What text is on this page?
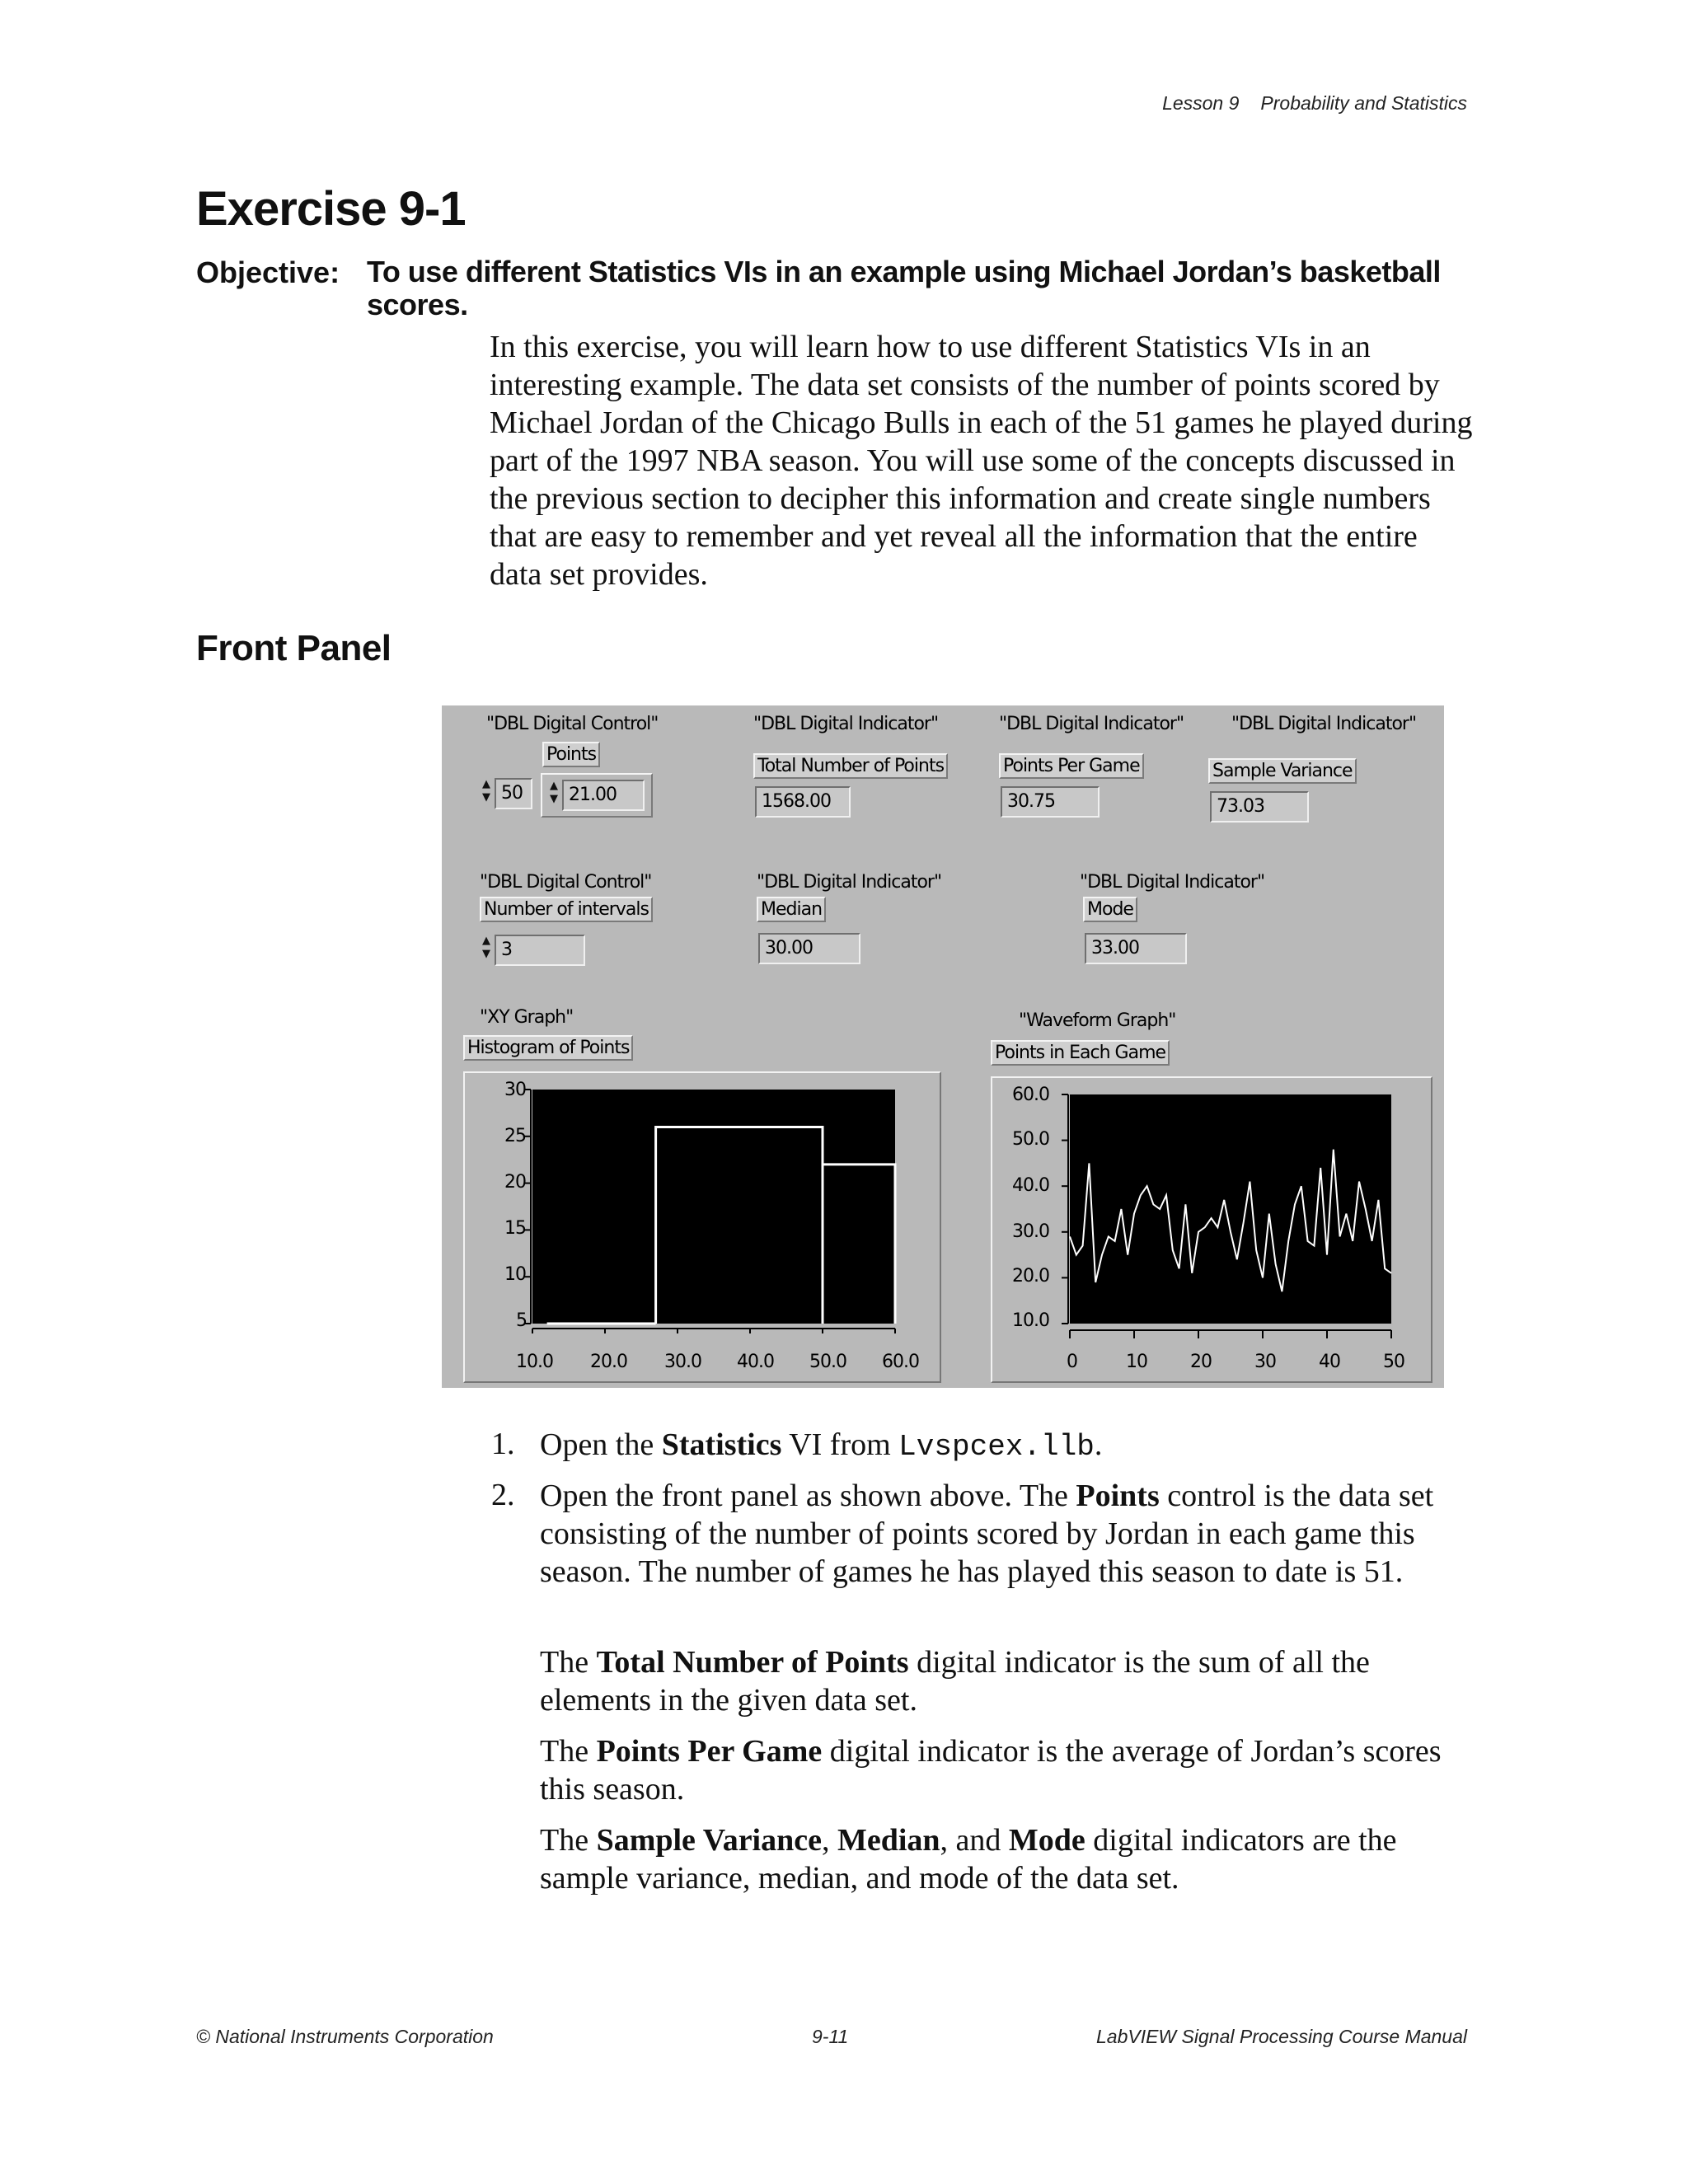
Lesson 9 Probability and Statistics
Exercise 9-1
Objective: To use different Statistics VIs in an example using Michael Jordan’s basketball scores.
In this exercise, you will learn how to use different Statistics VIs in an interesting example. The data set consists of the number of points scored by Michael Jordan of the Chicago Bulls in each of the 51 games he played during part of the 1997 NBA season. You will use some of the concepts discussed in the previous section to decipher this information and create single numbers that are easy to remember and yet reveal all the information that the entire data set provides.
Front Panel
"DBL Digital Control"
Points
▲
▼ 50	▲
▼ 21.00
"DBL Digital Indicator"
Total Number of Points
1568.00
"DBL Digital Indicator"
Points Per Game
30.75
"DBL Digital Indicator"
Sample Variance
73.03
"DBL Digital Control"
Number of intervals
▲
▼ 3
"DBL Digital Indicator"
Median
30.00
"DBL Digital Indicator"
Mode
33.00
"XY Graph"
Histogram of Points
30
25
20
15
10
5
10.0 20.0 30.0 40.0 50.0 60.0
"Waveform Graph"
Points in Each Game
60.0
50.0
40.0
30.0
20.0
10.0
0	10 20 30 40 50
1. Open the Statistics VI from Lvspcex.llb.
2. Open the front panel as shown above. The Points control is the data set consisting of the number of points scored by Jordan in each game this season. The number of games he has played this season to date is 51.
The Total Number of Points digital indicator is the sum of all the elements in the given data set.
The Points Per Game digital indicator is the average of Jordan’s scores this season.
The Sample Variance, Median, and Mode digital indicators are the sample variance, median, and mode of the data set.
© National Instruments Corporation	9-11	LabVIEW Signal Processing Course Manual
